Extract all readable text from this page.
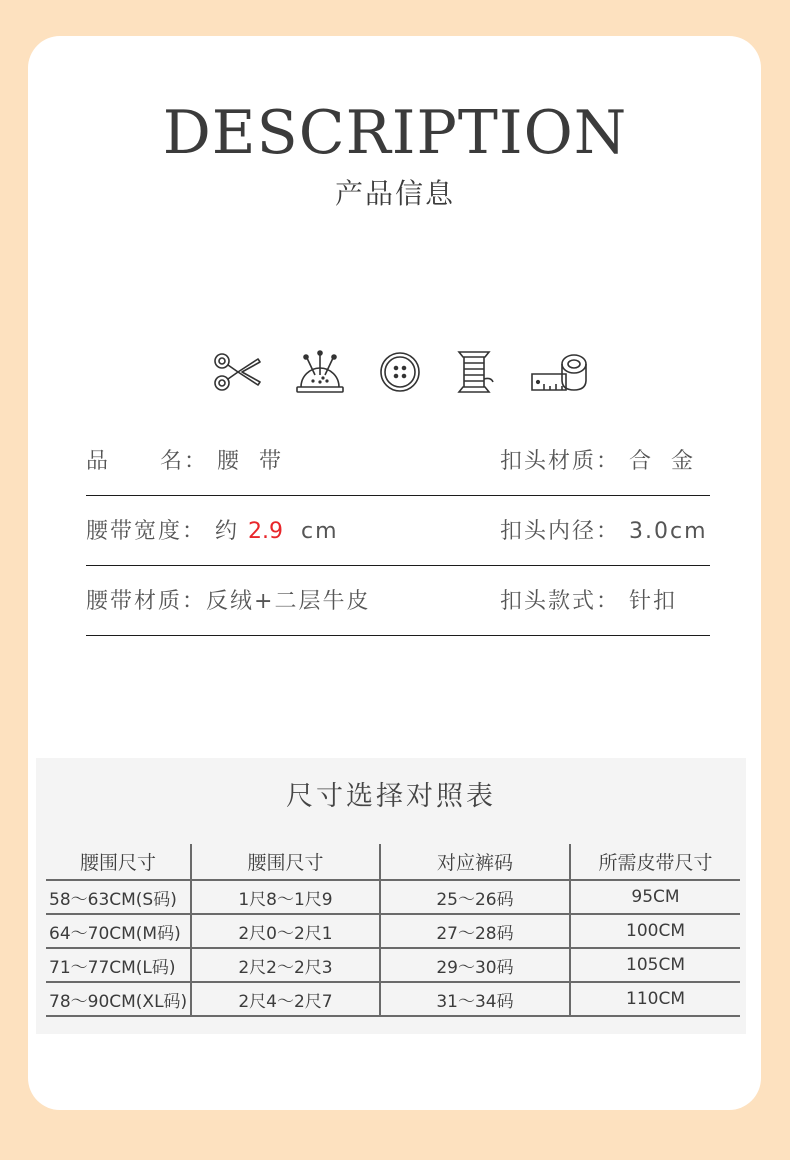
DESCRIPTION
产品信息
品 名： 腰  带	扣头材质： 合  金
腰带宽度： 约 2.9 cm	扣头内径： 3.0cm
腰带材质：反绒+二层牛皮	扣头款式： 针扣
尺寸选择对照表
腰围尺寸	腰围尺寸	对应裤码	所需皮带尺寸
58～63CM(S码)	1尺8～1尺9	25～26码	95CM
64～70CM(M码)	2尺0～2尺1	27～28码	100CM
71～77CM(L码)	2尺2～2尺3	29～30码	105CM
78～90CM(XL码)	2尺4～2尺7	31～34码	110CM
